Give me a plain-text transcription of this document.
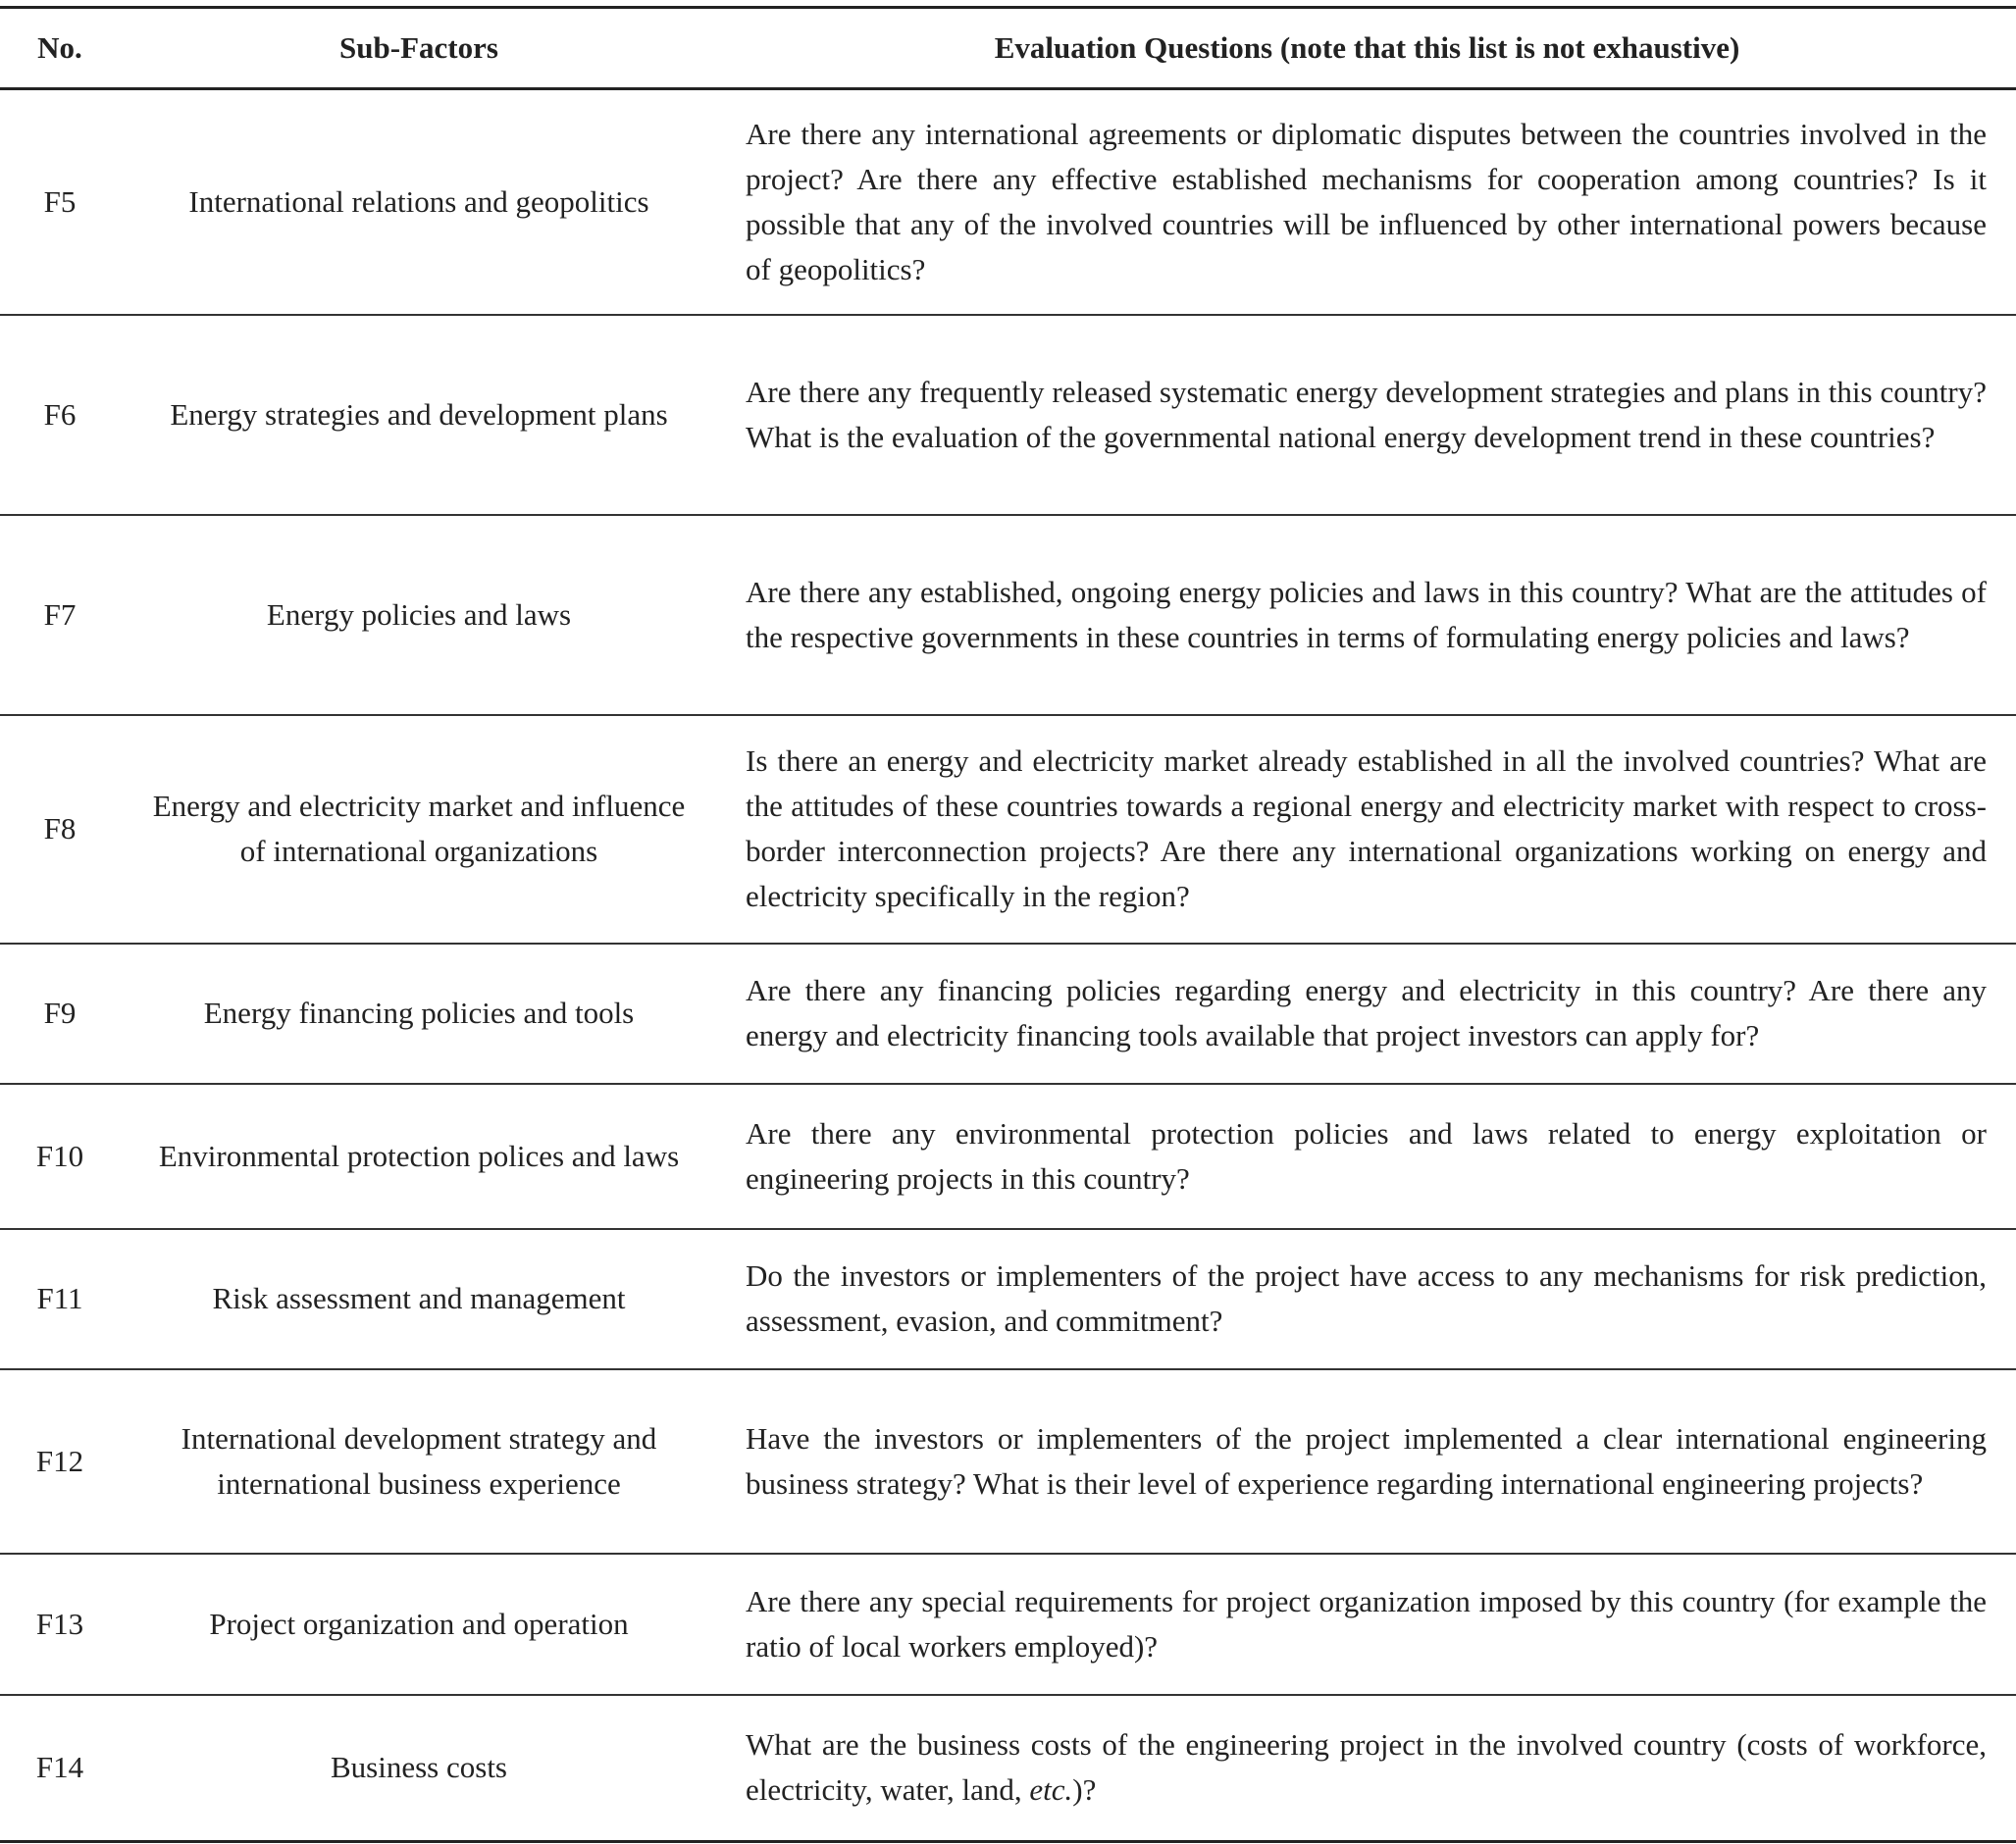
No.	Sub-Factors	Evaluation Questions (note that this list is not exhaustive)
F5	International relations and geopolitics	Are there any international agreements or diplomatic disputes between the countries involved in the project? Are there any effective established mechanisms for cooperation among countries? Is it possible that any of the involved countries will be influenced by other international powers because of geopolitics?
F6	Energy strategies and development plans	Are there any frequently released systematic energy development strategies and plans in this country? What is the evaluation of the governmental national energy development trend in these countries?
F7	Energy policies and laws	Are there any established, ongoing energy policies and laws in this country? What are the attitudes of the respective governments in these countries in terms of formulating energy policies and laws?
F8	Energy and electricity market and influence of international organizations	Is there an energy and electricity market already established in all the involved countries? What are the attitudes of these countries towards a regional energy and electricity market with respect to cross-border interconnection projects? Are there any international organizations working on energy and electricity specifically in the region?
F9	Energy financing policies and tools	Are there any financing policies regarding energy and electricity in this country? Are there any energy and electricity financing tools available that project investors can apply for?
F10	Environmental protection polices and laws	Are there any environmental protection policies and laws related to energy exploitation or engineering projects in this country?
F11	Risk assessment and management	Do the investors or implementers of the project have access to any mechanisms for risk prediction, assessment, evasion, and commitment?
F12	International development strategy and international business experience	Have the investors or implementers of the project implemented a clear international engineering business strategy? What is their level of experience regarding international engineering projects?
F13	Project organization and operation	Are there any special requirements for project organization imposed by this country (for example the ratio of local workers employed)?
F14	Business costs	What are the business costs of the engineering project in the involved country (costs of workforce, electricity, water, land, etc.)?
